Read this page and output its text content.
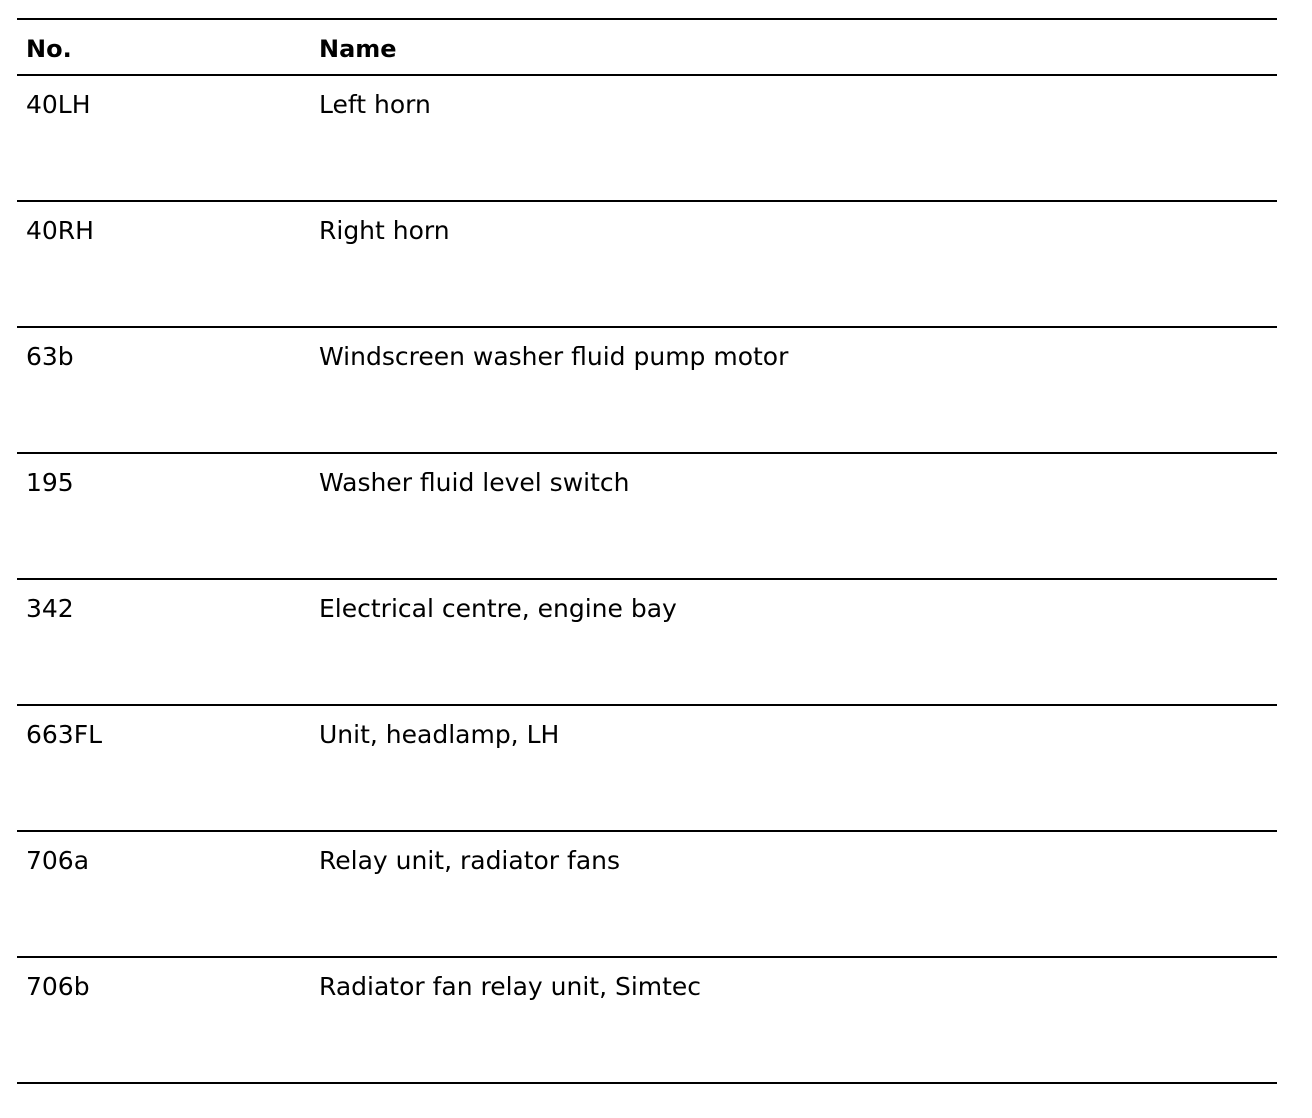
No.	Name
40LH	Left horn
40RH	Right horn
63b	Windscreen washer fluid pump motor
195	Washer fluid level switch
342	Electrical centre, engine bay
663FL	Unit, headlamp, LH
706a	Relay unit, radiator fans
706b	Radiator fan relay unit, Simtec
